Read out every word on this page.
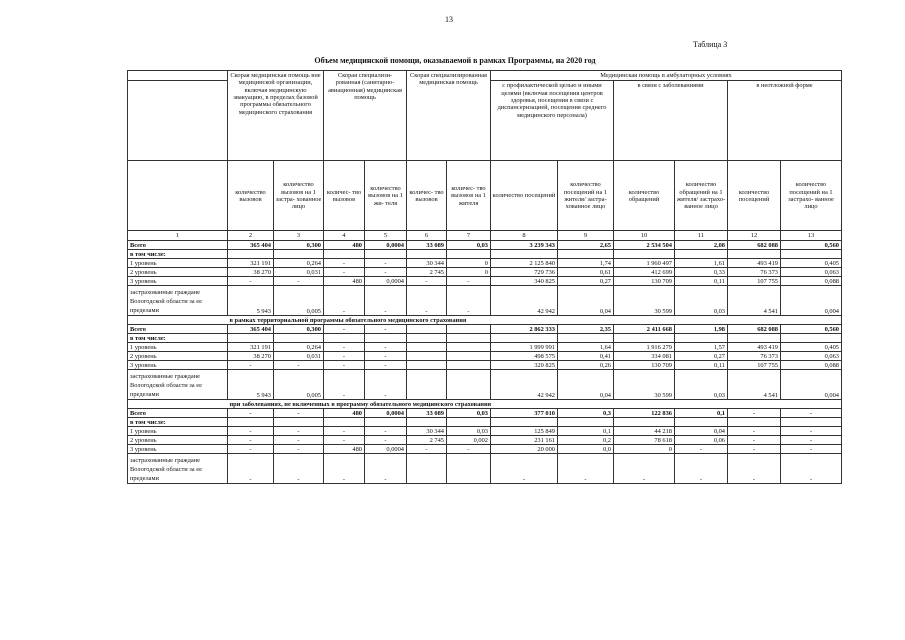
13
Таблица 3
Объем медицинской помощи, оказываемой в рамках Программы, на 2020 год
	Скорая медицинская помощь вне медицинской организации, включая медицинскую эвакуацию, в пределах базовой программы обязательного медицинского страхования		Скорая специализи- рованная (санитарно- авиационная) медицинская помощь		Скорая специализированная медицинская помощь		Медицинская помощь в амбулаторных условиях					
							с профилактической целью и иными целями (включая посещения центров здоровья, посещения в связи с диспансеризацией, посещения среднего медицинского персонала)		в связи с заболеваниями		в неотложной форме	
	количество вызовов	количество вызовов на 1 застра- хованное лицо	количес- тво вызовов	количество вызовов на 1 жи- теля	количес- тво вызовов	количес- тво вызовов на 1 жителя	количество посещений	количество посещений на 1 жителя/ застра- хованное лицо	количество обращений	количество обращений на 1 жителя/ застрахо- ванное лицо	количество посещений	количество посещений на 1 застрахо- ванное лицо
1	2	3	4	5	6	7	8	9	10	11	12	13
Всего	365 404	0,300	480	0,0004	33 089	0,03	3 239 343	2,65	2 534 504	2,08	682 088	0,560
в том числе:												
1 уровень	321 191	0,264	-	-	30 344	0	2 125 840	1,74	1 960 497	1,61	493 419	0,405
2 уровень	38 270	0,031	-	-	2 745	0	729 736	0,61	412 699	0,33	76 373	0,063
3 уровень	-	-	480	0,0004	-	-	340 825	0,27	130 709	0,11	107 755	0,088
застрахованные граждане Вологодской области за ее пределами	5 943	0,005	-	-	-	-	42 942	0,04	30 599	0,03	4 541	0,004
	в рамках территориальной программы обязательного медицинского страхования											
Всего	365 404	0,300	-	-			2 862 333	2,35	2 411 668	1,98	682 088	0,560
в том числе:												
1 уровень	321 191	0,264	-	-			1 999 991	1,64	1 916 279	1,57	493 419	0,405
2 уровень	38 270	0,031	-	-			498 575	0,41	334 081	0,27	76 373	0,063
3 уровень	-	-	-	-			320 825	0,26	130 709	0,11	107 755	0,088
застрахованные граждане Вологодской области за ее пределами	5 943	0,005	-	-			42 942	0,04	30 599	0,03	4 541	0,004
	при заболеваниях, не включенных в программу обязательного медицинского страхования											
Всего	-	-	480	0,0004	33 089	0,03	377 010	0,3	122 836	0,1	-	-
в том числе:												
1 уровень	-	-	-	-	30 344	0,03	125 849	0,1	44 218	0,04	-	-
2 уровень	-	-	-	-	2 745	0,002	231 161	0,2	78 618	0,06	-	-
3 уровень	-	-	480	0,0004	-	-	20 000	0,0	0	-	-	-
застрахованные граждане Вологодской области за ее пределами	-	-	-	-			-	-	-	-	-	-
